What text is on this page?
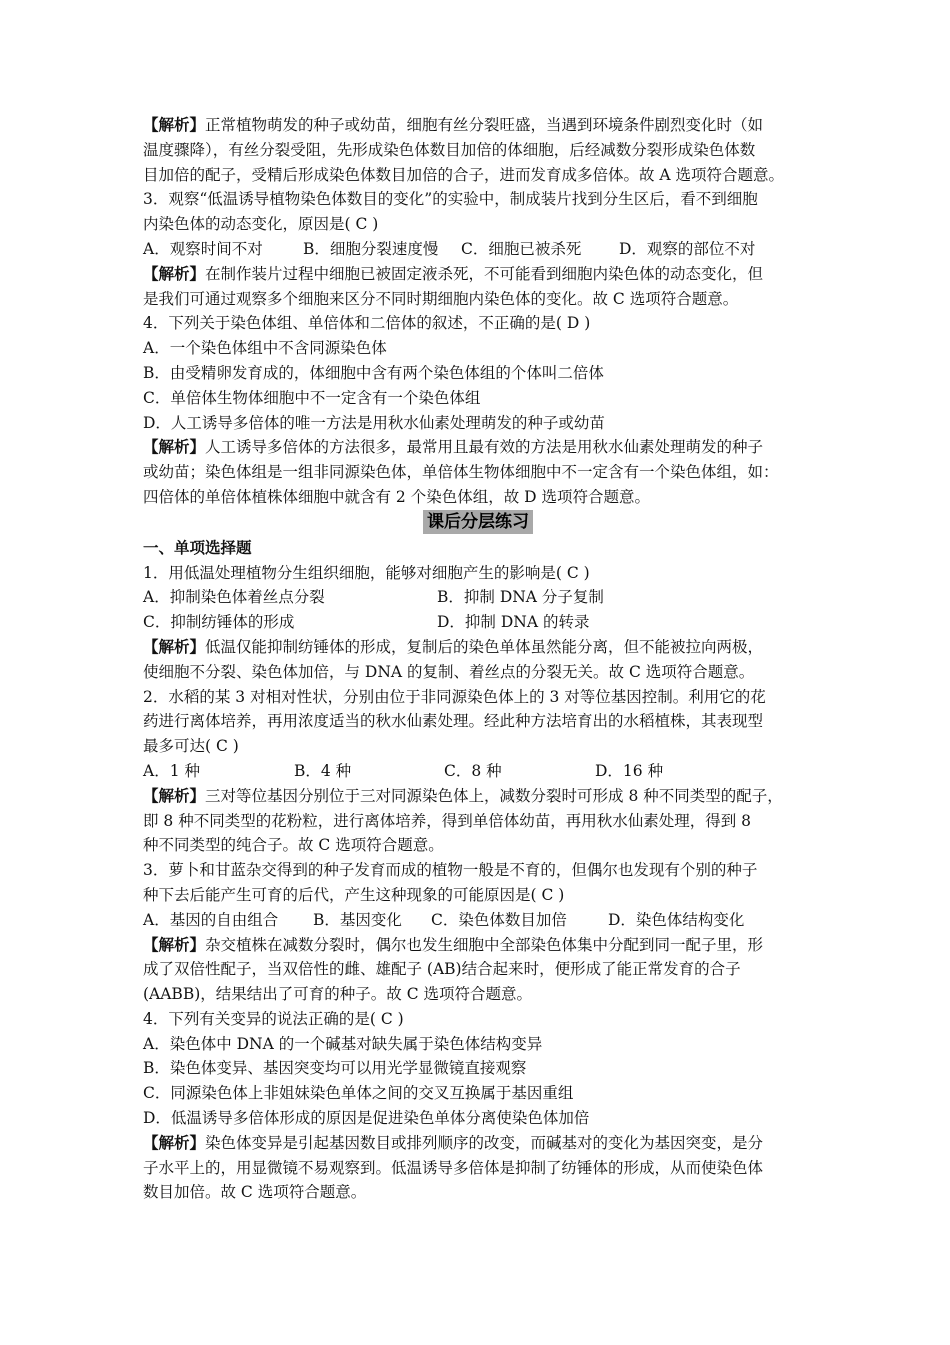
【解析】正常植物萌发的种子或幼苗，细胞有丝分裂旺盛，当遇到环境条件剧烈变化时（如
温度骤降），有丝分裂受阻，先形成染色体数目加倍的体细胞，后经减数分裂形成染色体数
目加倍的配子，受精后形成染色体数目加倍的合子，进而发育成多倍体。故 A 选项符合题意。
3．观察“低温诱导植物染色体数目的变化”的实验中，制成装片找到分生区后，看不到细胞
内染色体的动态变化，原因是( C )
A．观察时间不对	B．细胞分裂速度慢	C．细胞已被杀死	D．观察的部位不对
【解析】在制作装片过程中细胞已被固定液杀死，不可能看到细胞内染色体的动态变化，但
是我们可通过观察多个细胞来区分不同时期细胞内染色体的变化。故 C 选项符合题意。
4．下列关于染色体组、单倍体和二倍体的叙述，不正确的是( D )
A．一个染色体组中不含同源染色体
B．由受精卵发育成的，体细胞中含有两个染色体组的个体叫二倍体
C．单倍体生物体细胞中不一定含有一个染色体组
D．人工诱导多倍体的唯一方法是用秋水仙素处理萌发的种子或幼苗
【解析】人工诱导多倍体的方法很多，最常用且最有效的方法是用秋水仙素处理萌发的种子
或幼苗；染色体组是一组非同源染色体，单倍体生物体细胞中不一定含有一个染色体组，如：
四倍体的单倍体植株体细胞中就含有 2 个染色体组，故 D 选项符合题意。
课后分层练习
一、单项选择题
1．用低温处理植物分生组织细胞，能够对细胞产生的影响是( C )
A．抑制染色体着丝点分裂	B．抑制 DNA 分子复制
C．抑制纺锤体的形成	D．抑制 DNA 的转录
【解析】低温仅能抑制纺锤体的形成，复制后的染色单体虽然能分离，但不能被拉向两极，
使细胞不分裂、染色体加倍，与 DNA 的复制、着丝点的分裂无关。故 C 选项符合题意。
2．水稻的某 3 对相对性状，分别由位于非同源染色体上的 3 对等位基因控制。利用它的花
药进行离体培养，再用浓度适当的秋水仙素处理。经此种方法培育出的水稻植株，其表现型
最多可达( C )
A．1 种	B．4 种	C．8 种	D．16 种
【解析】三对等位基因分别位于三对同源染色体上，减数分裂时可形成 8 种不同类型的配子，
即 8 种不同类型的花粉粒，进行离体培养，得到单倍体幼苗，再用秋水仙素处理，得到 8
种不同类型的纯合子。故 C 选项符合题意。
3．萝卜和甘蓝杂交得到的种子发育而成的植物一般是不育的，但偶尔也发现有个别的种子
种下去后能产生可育的后代，产生这种现象的可能原因是( C )
A．基因的自由组合	B．基因变化	C．染色体数目加倍	D．染色体结构变化
【解析】杂交植株在减数分裂时，偶尔也发生细胞中全部染色体集中分配到同一配子里，形
成了双倍性配子，当双倍性的雌、雄配子 (AB)结合起来时，便形成了能正常发育的合子
(AABB)，结果结出了可育的种子。故 C 选项符合题意。
4．下列有关变异的说法正确的是( C )
A．染色体中 DNA 的一个碱基对缺失属于染色体结构变异
B．染色体变异、基因突变均可以用光学显微镜直接观察
C．同源染色体上非姐妹染色单体之间的交叉互换属于基因重组
D．低温诱导多倍体形成的原因是促进染色单体分离使染色体加倍
【解析】染色体变异是引起基因数目或排列顺序的改变，而碱基对的变化为基因突变，是分
子水平上的，用显微镜不易观察到。低温诱导多倍体是抑制了纺锤体的形成，从而使染色体
数目加倍。故 C 选项符合题意。
